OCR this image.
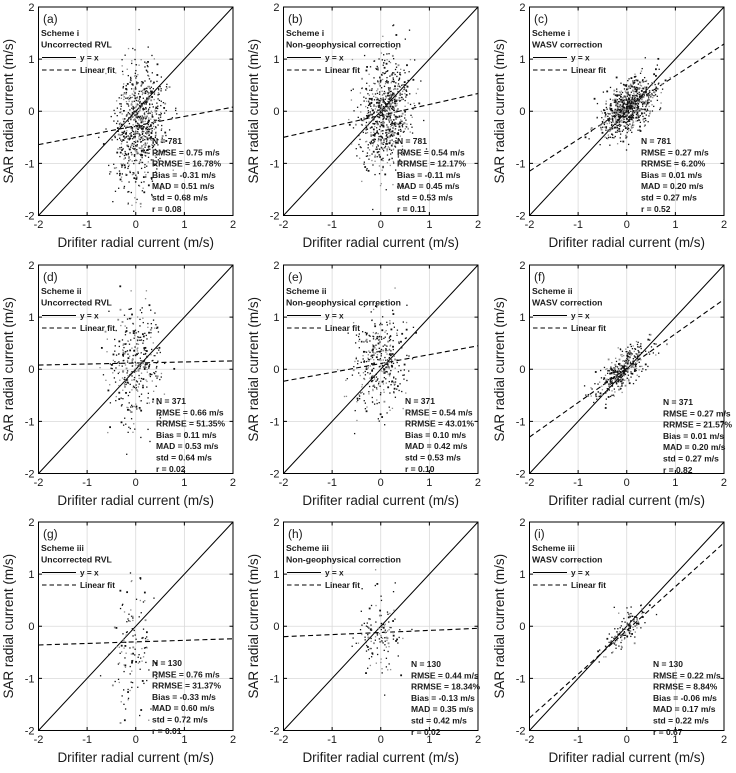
-2	-1	0	1	2
-2
-1
0
1
2
Drifiter radial current (m/s)
SAR radial current (m/s)
(a)
Scheme i
Uncorrected RVL
y = x
Linear fit
N = 781
RMSE = 0.75 m/s
RRMSE = 16.78%
Bias = -0.31 m/s
MAD = 0.51 m/s
std = 0.68 m/s
r = 0.08
-2	-1	0	1	2
-2
-1
0
1
2
Drifiter radial current (m/s)
SAR radial current (m/s)
(b)
Scheme i
Non-geophysical correction
y = x
Linear fit
N = 781
RMSE = 0.54 m/s
RRMSE = 12.17%
Bias = -0.11 m/s
MAD = 0.45 m/s
std = 0.53 m/s
r = 0.11
-2	-1	0	1	2
-2
-1
0
1
2
Drifiter radial current (m/s)
SAR radial current (m/s)
(c)
Scheme i
WASV correction
y = x
Linear fit
N = 781
RMSE = 0.27 m/s
RRMSE = 6.20%
Bias = 0.01 m/s
MAD = 0.20 m/s
std = 0.27 m/s
r = 0.52
-2	-1	0	1	2
-2
-1
0
1
2
Drifiter radial current (m/s)
SAR radial current (m/s)
(d)
Scheme ii
Uncorrected RVL
y = x
Linear fit
N = 371
RMSE = 0.66 m/s
RRMSE = 51.35%
Bias = 0.11 m/s
MAD = 0.53 m/s
std = 0.64 m/s
r = 0.02
-2	-1	0	1	2
-2
-1
0
1
2
Drifiter radial current (m/s)
SAR radial current (m/s)
(e)
Scheme ii
Non-geophysical correction
y = x
Linear fit
N = 371
RMSE = 0.54 m/s
RRMSE = 43.01%
Bias = 0.10 m/s
MAD = 0.42 m/s
std = 0.53 m/s
r = 0.10
-2	-1	0	1	2
-2
-1
0
1
2
Drifiter radial current (m/s)
SAR radial current (m/s)
(f)
Scheme ii
WASV correction
y = x
Linear fit
N = 371
RMSE = 0.27 m/s
RRMSE = 21.57%
Bias = 0.01 m/s
MAD = 0.20 m/s
std = 0.27 m/s
r = 0.82
-2	-1	0	1	2
-2
-1
0
1
2
Drifiter radial current (m/s)
SAR radial current (m/s)
(g)
Scheme iii
Uncorrected RVL
y = x
Linear fit
N = 130
RMSE = 0.76 m/s
RRMSE = 31.37%
Bias = -0.33 m/s
MAD = 0.60 m/s
std = 0.72 m/s
r = 0.01
-2	-1	0	1	2
-2
-1
0
1
2
Drifiter radial current (m/s)
SAR radial current (m/s)
(h)
Scheme iii
Non-geophysical correction
y = x
Linear fit
N = 130
RMSE = 0.44 m/s
RRMSE = 18.34%
Bias = -0.13 m/s
MAD = 0.35 m/s
std = 0.42 m/s
r = 0.02
-2	-1	0	1	2
-2
-1
0
1
2
Drifiter radial current (m/s)
SAR radial current (m/s)
(i)
Scheme iii
WASV correction
y = x
Linear fit
N = 130
RMSE = 0.22 m/s
RRMSE = 8.84%
Bias = -0.06 m/s
MAD = 0.17 m/s
std = 0.22 m/s
r = 0.67
